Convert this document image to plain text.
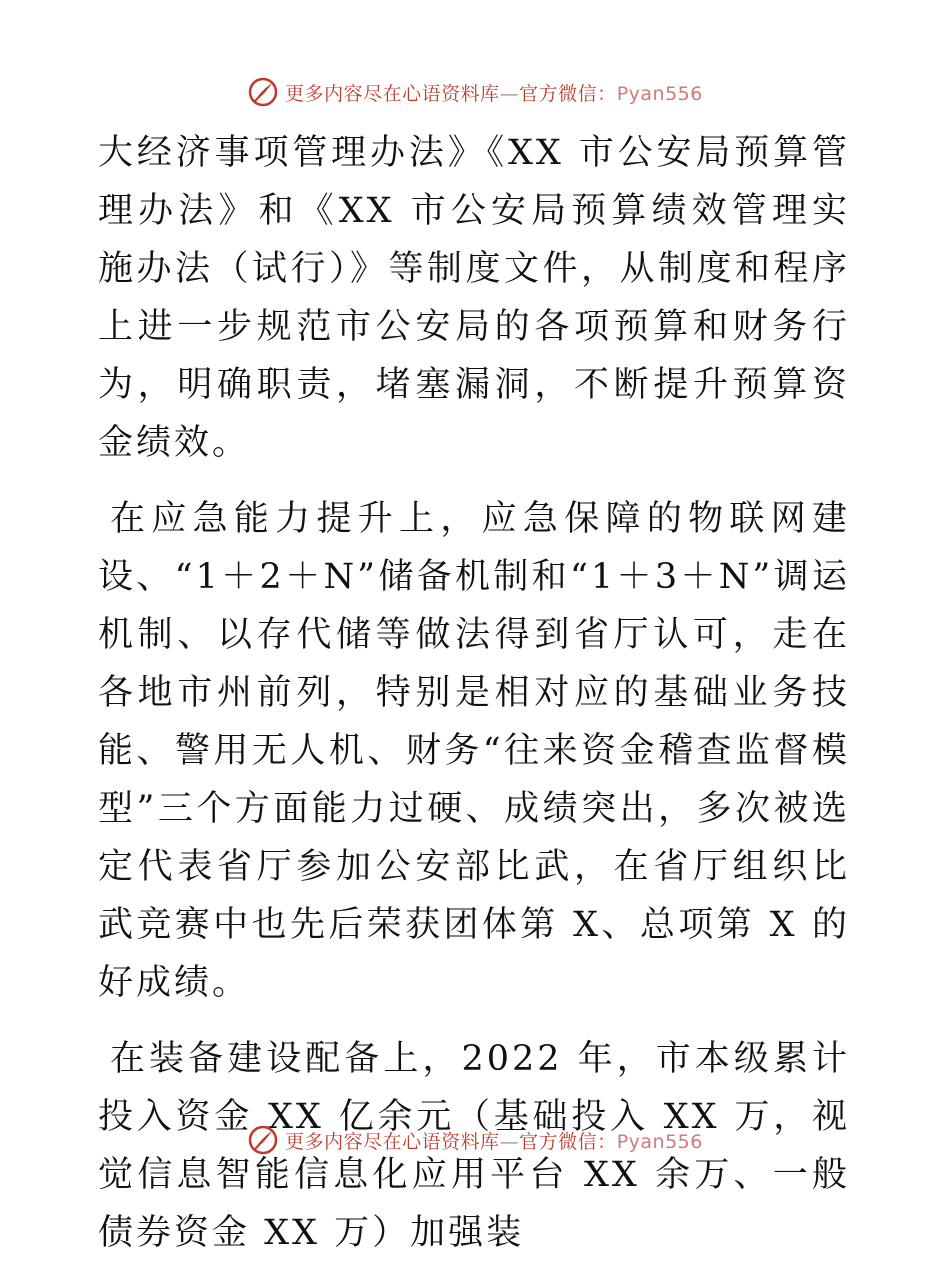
更多内容尽在心语资料库—官方微信：Pyan556

大经济事项管理办法》《XX 市公安局预算管理办法》和《XX 市公安局预算绩效管理实施办法（试行）》等制度文件，从制度和程序上进一步规范市公安局的各项预算和财务行为，明确职责，堵塞漏洞，不断提升预算资金绩效。

在应急能力提升上，应急保障的物联网建设、“1＋2＋N”储备机制和“1＋3＋N”调运机制、以存代储等做法得到省厅认可，走在各地市州前列，特别是相对应的基础业务技能、警用无人机、财务“往来资金稽查监督模型”三个方面能力过硬、成绩突出，多次被选定代表省厅参加公安部比武，在省厅组织比武竞赛中也先后荣获团体第 X、总项第 X 的好成绩。

在装备建设配备上，2022 年，市本级累计投入资金 XX 亿余元（基础投入 XX 万，视觉信息智能信息化应用平台 XX 余万、一般债券资金 XX 万）加强装

更多内容尽在心语资料库—官方微信：Pyan556
